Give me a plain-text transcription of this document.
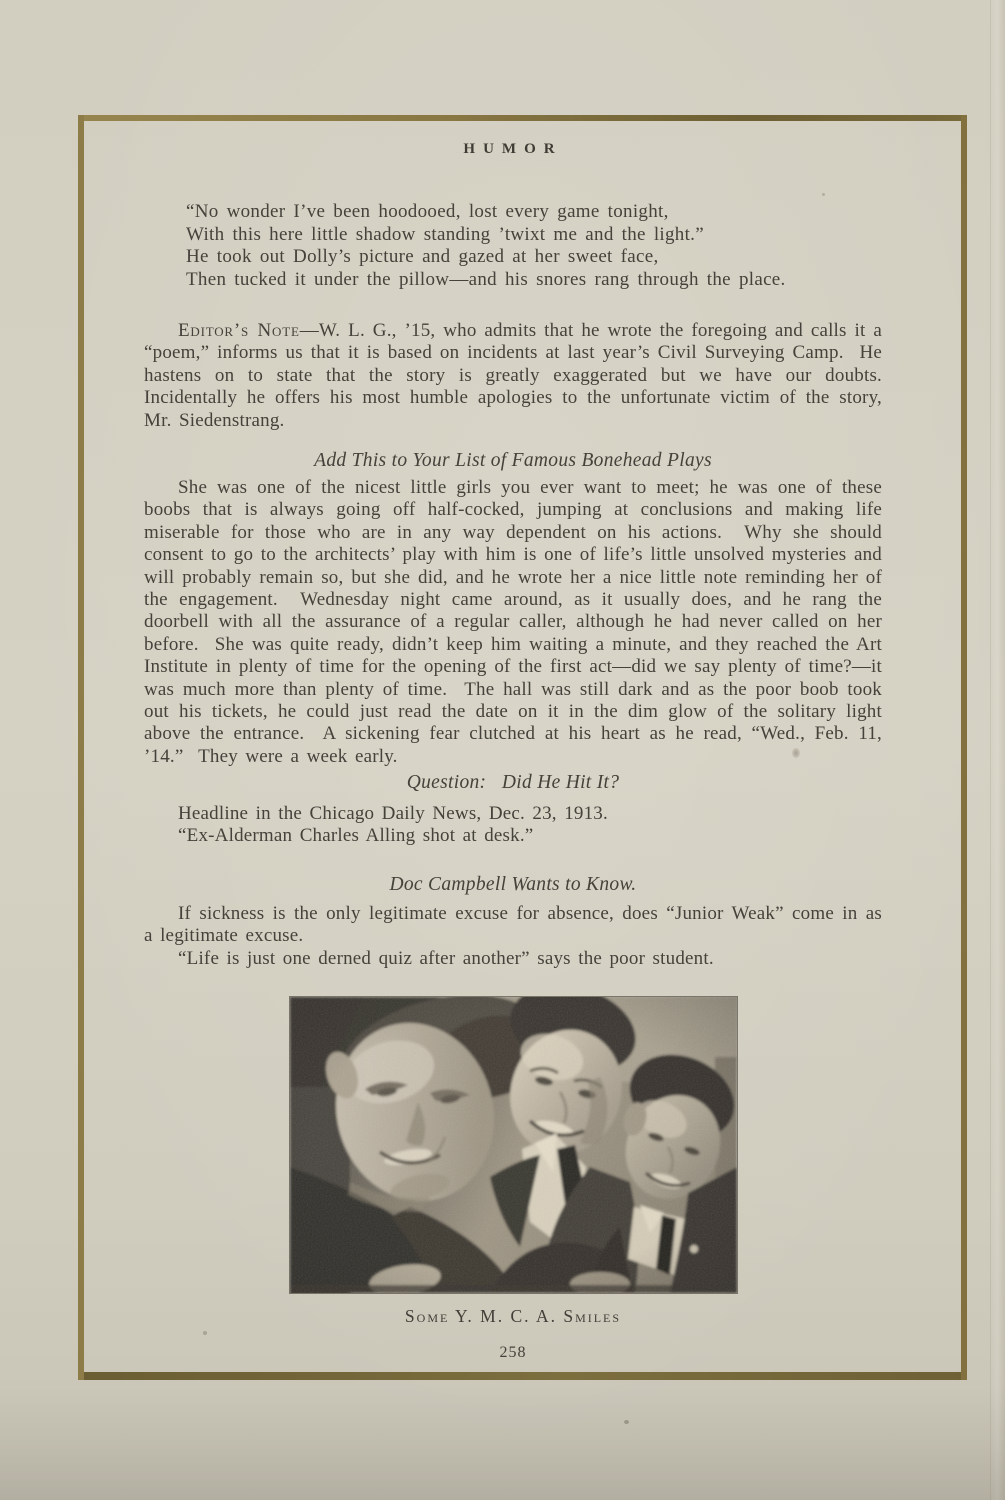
HUMOR

“No wonder I’ve been hoodooed, lost every game tonight,

With this here little shadow standing ’twixt me and the light.”

He took out Dolly’s picture and gazed at her sweet face,

Then tucked it under the pillow—and his snores rang through the place.

Editor’s Note—W. L. G., ’15, who admits that he wrote the foregoing and calls it a “poem,” informs us that it is based on incidents at last year’s Civil Surveying Camp.  He hastens on to state that the story is greatly exaggerated but we have our doubts.  Incidentally he offers his most humble apologies to the unfortunate victim of the story, Mr. Siedenstrang.

Add This to Your List of Famous Bonehead Plays

She was one of the nicest little girls you ever want to meet; he was one of these boobs that is always going off half-cocked, jumping at conclusions and making life miserable for those who are in any way dependent on his actions.  Why she should consent to go to the architects’ play with him is one of life’s little unsolved mysteries and will probably remain so, but she did, and he wrote her a nice little note reminding her of the engagement.  Wednesday night came around, as it usually does, and he rang the doorbell with all the assurance of a regular caller, although he had never called on her before.  She was quite ready, didn’t keep him waiting a minute, and they reached the Art Institute in plenty of time for the opening of the first act—did we say plenty of time?—it was much more than plenty of time.  The hall was still dark and as the poor boob took out his tickets, he could just read the date on it in the dim glow of the solitary light above the entrance.  A sickening fear clutched at his heart as he read, “Wed., Feb. 11, ’14.”  They were a week early.

Question:   Did He Hit It?

Headline in the Chicago Daily News, Dec. 23, 1913.

“Ex-Alderman Charles Alling shot at desk.”

Doc Campbell Wants to Know.

If sickness is the only legitimate excuse for absence, does “Junior Weak” come in as a legitimate excuse.

“Life is just one derned quiz after another” says the poor student.

Some Y. M. C. A. Smiles
258
